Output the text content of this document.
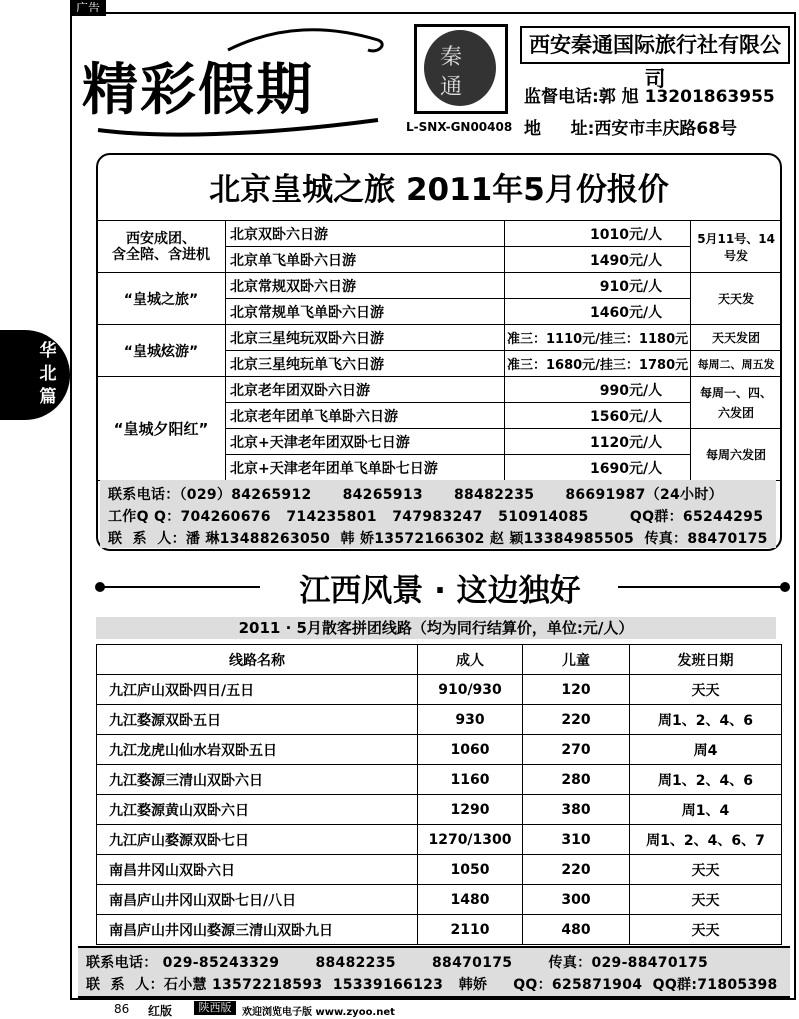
广告
精彩假期	秦
通
L-SNX-GN00408
西安秦通国际旅行社有限公司
监督电话:郭 旭 13201863955
地     址:西安市丰庆路68号
华北篇
北京皇城之旅 2011年5月份报价
西安成团、
含全陪、含进机	北京双卧六日游	1010元/人	5月11号、14号发
	北京单飞单卧六日游	1490元/人	
“皇城之旅”	北京常规双卧六日游	910元/人	天天发
	北京常规单飞单卧六日游	1460元/人	
“皇城炫游”	北京三星纯玩双卧六日游	准三：1110元/挂三：1180元	天天发团
	北京三星纯玩单飞六日游	准三：1680元/挂三：1780元	每周二、周五发
“皇城夕阳红”	北京老年团双卧六日游	990元/人	每周一、四、
六发团
	北京老年团单飞单卧六日游	1560元/人	
	北京+天津老年团双卧七日游	1120元/人	每周六发团
	北京+天津老年团单飞单卧七日游	1690元/人	
联系电话：（029）84265912      84265913      88482235      86691987（24小时）
工作Q Q：704260676   714235801   747983247   510914085        QQ群：65244295
联  系  人：潘 琳13488263050  韩 娇13572166302 赵 颖13384985505  传真：88470175
江西风景 · 这边独好
2011 · 5月散客拼团线路（均为同行结算价，单位:元/人）
线路名称	成人	儿童	发班日期
九江庐山双卧四日/五日	910/930	120	天天
九江婺源双卧五日	930	220	周1、2、4、6
九江龙虎山仙水岩双卧五日	1060	270	周4
九江婺源三清山双卧六日	1160	280	周1、2、4、6
九江婺源黄山双卧六日	1290	380	周1、4
九江庐山婺源双卧七日	1270/1300	310	周1、2、4、6、7
南昌井冈山双卧六日	1050	220	天天
南昌庐山井冈山双卧七日/八日	1480	300	天天
南昌庐山井冈山婺源三清山双卧九日	2110	480	天天
联系电话： 029-85243329       88482235       88470175       传真：029-88470175
联  系  人：石小慧 13572218593  15339166123   韩娇     QQ：625871904  QQ群:71805398
86 红版	陕西版	欢迎浏览电子版 www.zyoo.net
